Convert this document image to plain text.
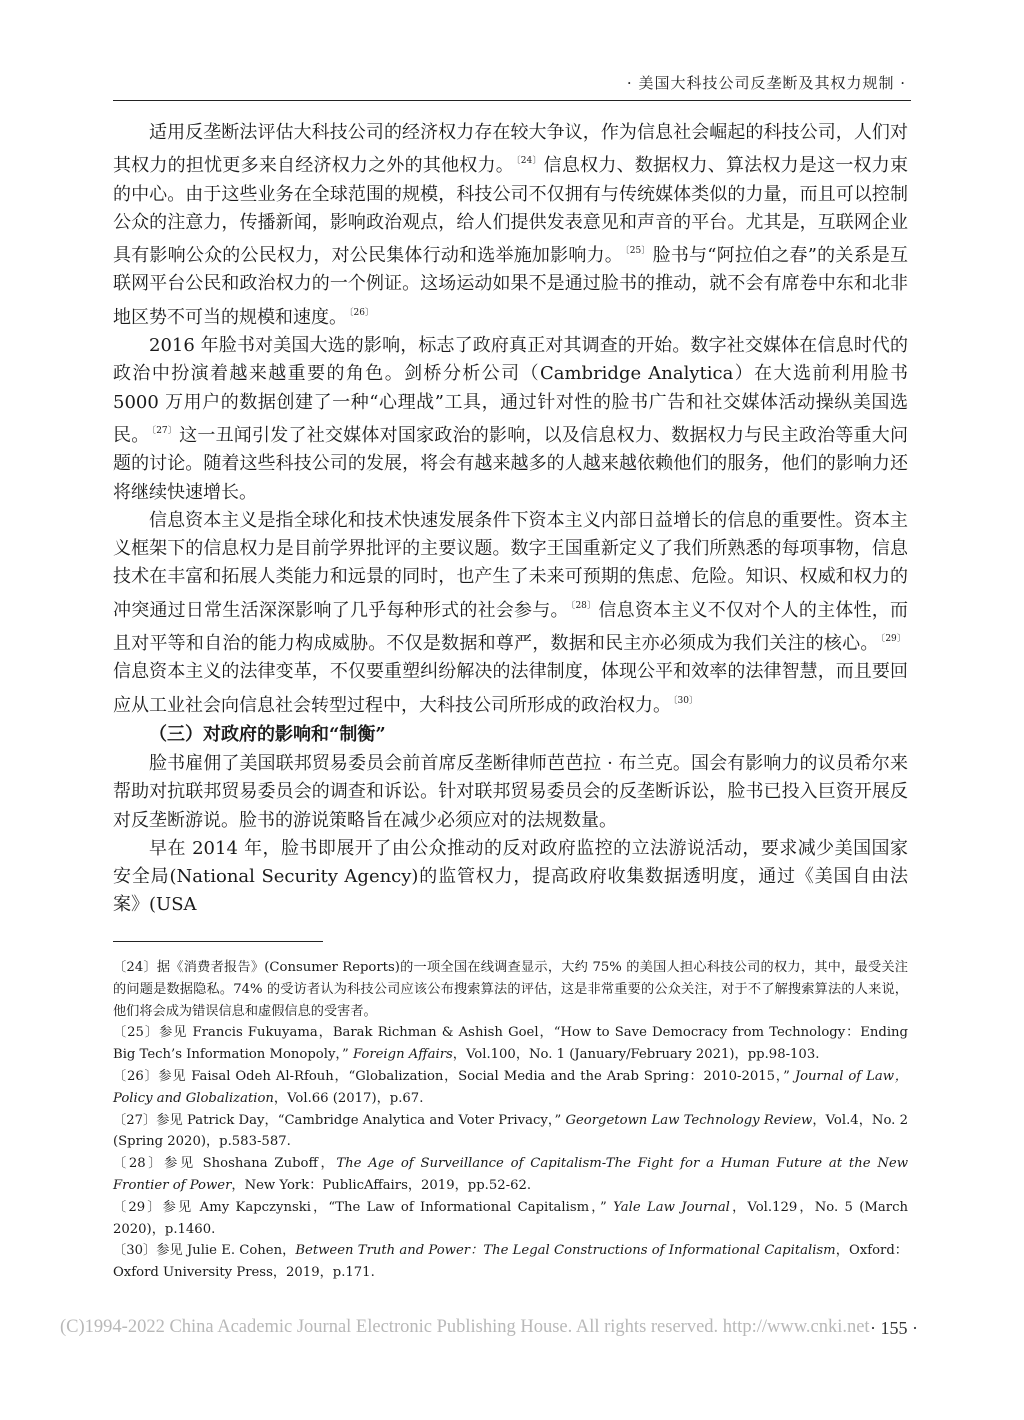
· 美国大科技公司反垄断及其权力规制 ·

适用反垄断法评估大科技公司的经济权力存在较大争议，作为信息社会崛起的科技公司，人们对其权力的担忧更多来自经济权力之外的其他权力。 $^{〔24〕}$ 信息权力、数据权力、算法权力是这一权力束的中心。由于这些业务在全球范围的规模，科技公司不仅拥有与传统媒体类似的力量，而且可以控制公众的注意力，传播新闻，影响政治观点，给人们提供发表意见和声音的平台。尤其是，互联网企业具有影响公众的公民权力，对公民集体行动和选举施加影响力。 $^{〔25〕}$ 脸书与“阿拉伯之春”的关系是互联网平台公民和政治权力的一个例证。这场运动如果不是通过脸书的推动，就不会有席卷中东和北非地区势不可当的规模和速度。 $^{〔26〕}$

2016 年脸书对美国大选的影响，标志了政府真正对其调查的开始。数字社交媒体在信息时代的政治中扮演着越来越重要的角色。剑桥分析公司（Cambridge Analytica）在大选前利用脸书 5000 万用户的数据创建了一种“心理战”工具，通过针对性的脸书广告和社交媒体活动操纵美国选民。 $^{〔27〕}$ 这一丑闻引发了社交媒体对国家政治的影响，以及信息权力、数据权力与民主政治等重大问题的讨论。随着这些科技公司的发展，将会有越来越多的人越来越依赖他们的服务，他们的影响力还将继续快速增长。

信息资本主义是指全球化和技术快速发展条件下资本主义内部日益增长的信息的重要性。资本主义框架下的信息权力是目前学界批评的主要议题。数字王国重新定义了我们所熟悉的每项事物，信息技术在丰富和拓展人类能力和远景的同时，也产生了未来可预期的焦虑、危险。知识、权威和权力的冲突通过日常生活深深影响了几乎每种形式的社会参与。 $^{〔28〕}$ 信息资本主义不仅对个人的主体性，而且对平等和自治的能力构成威胁。不仅是数据和尊严，数据和民主亦必须成为我们关注的核心。 $^{〔29〕}$信息资本主义的法律变革，不仅要重塑纠纷解决的法律制度，体现公平和效率的法律智慧，而且要回应从工业社会向信息社会转型过程中，大科技公司所形成的政治权力。 $^{〔30〕}$

（三）对政府的影响和“制衡”

脸书雇佣了美国联邦贸易委员会前首席反垄断律师芭芭拉 · 布兰克。国会有影响力的议员希尔来帮助对抗联邦贸易委员会的调查和诉讼。针对联邦贸易委员会的反垄断诉讼，脸书已投入巨资开展反对反垄断游说。脸书的游说策略旨在减少必须应对的法规数量。

早在 2014 年，脸书即展开了由公众推动的反对政府监控的立法游说活动，要求减少美国国家安全局(National Security Agency)的监管权力，提高政府收集数据透明度，通过《美国自由法案》(USA

〔24〕据《消费者报告》(Consumer Reports)的一项全国在线调查显示，大约 75% 的美国人担心科技公司的权力，其中，最受关注的问题是数据隐私。74% 的受访者认为科技公司应该公布搜索算法的评估，这是非常重要的公众关注，对于不了解搜索算法的人来说，他们将会成为错误信息和虚假信息的受害者。

〔25〕参见 Francis Fukuyama，Barak Richman & Ashish Goel，“How to Save Democracy from Technology：Ending Big Tech’s Information Monopoly，” Foreign Affairs，Vol.100，No. 1 (January/February 2021)，pp.98-103.

〔26〕参见 Faisal Odeh Al-Rfouh，“Globalization，Social Media and the Arab Spring：2010-2015，” Journal of Law，Policy and Globalization，Vol.66 (2017)，p.67.

〔27〕参见 Patrick Day，“Cambridge Analytica and Voter Privacy，” Georgetown Law Technology Review，Vol.4，No. 2 (Spring 2020)，p.583-587.

〔28〕参见 Shoshana Zuboff，The Age of Surveillance of Capitalism-The Fight for a Human Future at the New Frontier of Power，New York：PublicAffairs，2019，pp.52-62.

〔29〕参见 Amy Kapczynski，“The Law of Informational Capitalism，” Yale Law Journal，Vol.129，No. 5 (March 2020)，p.1460.

〔30〕参见 Julie E. Cohen，Between Truth and Power：The Legal Constructions of Informational Capitalism，Oxford：Oxford University Press，2019，p.171.

(C)1994-2022 China Academic Journal Electronic Publishing House. All rights reserved. http://www.cnki.net · 155 ·
